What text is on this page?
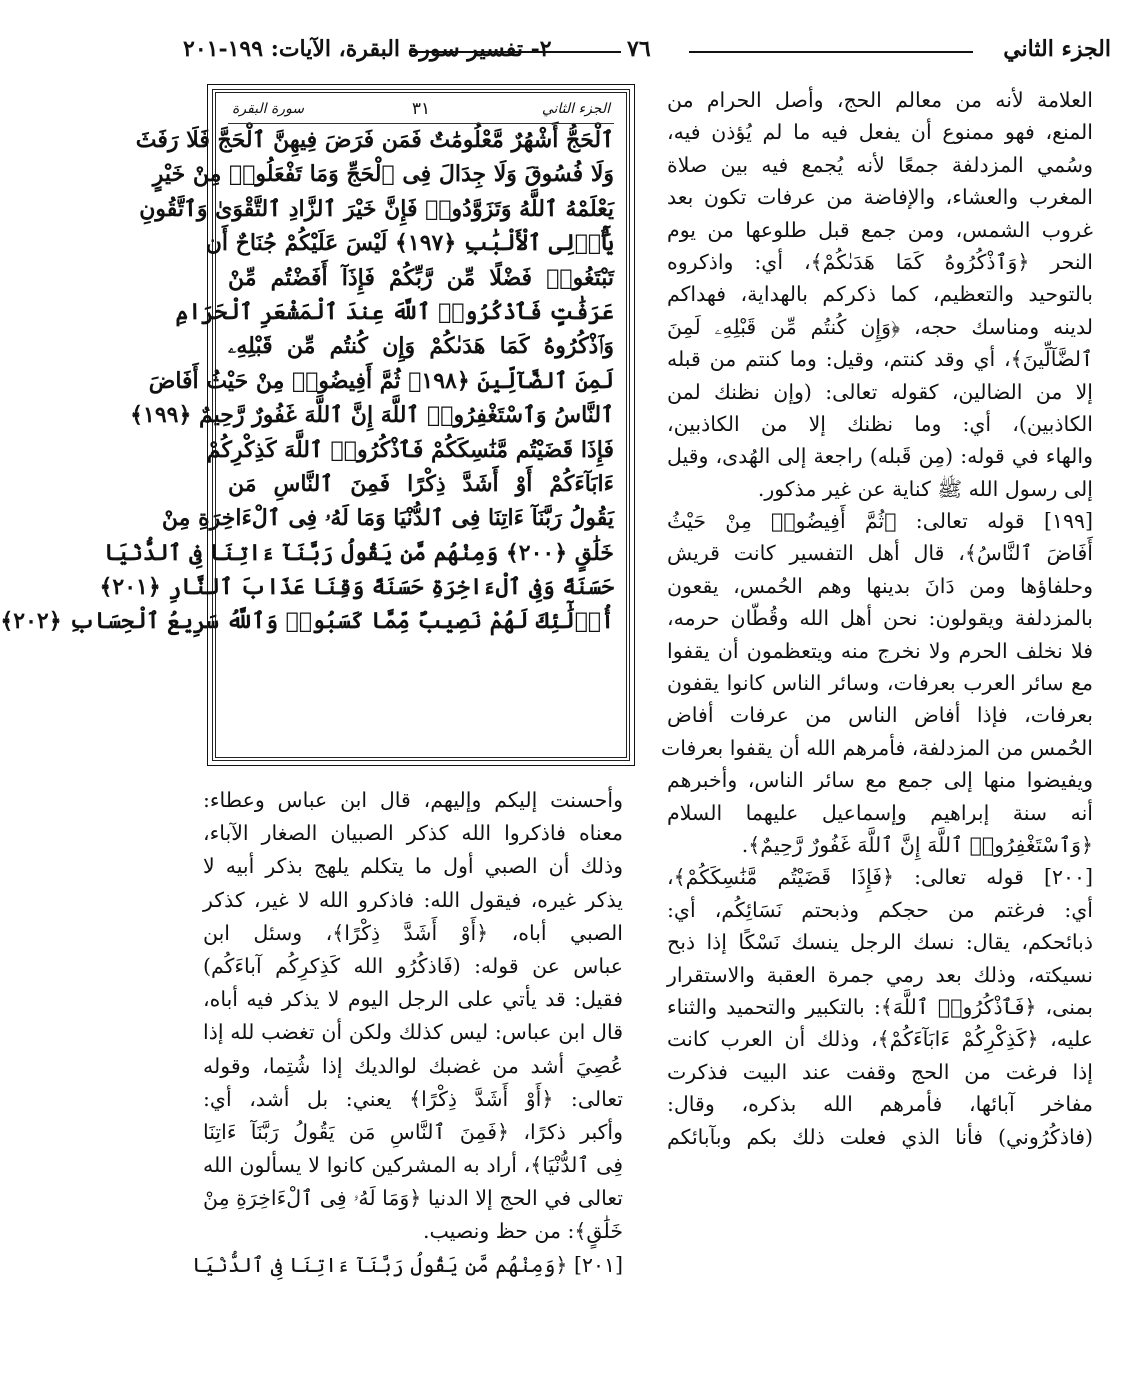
الجزء الثاني
٧٦
٢- تفسير سورة البقرة، الآيات: ١٩٩-٢٠١
العلامة لأنه من معالم الحج، وأصل الحرام من
المنع، فهو ممنوع أن يفعل فيه ما لم يُؤذن فيه،
وسُمي المزدلفة جمعًا لأنه يُجمع فيه بين صلاة
المغرب والعشاء، والإفاضة من عرفات تكون بعد
غروب الشمس، ومن جمع قبل طلوعها من يوم
النحر ﴿وَٱذْكُرُوهُ كَمَا هَدَىٰكُمْ﴾، أي: واذكروه
بالتوحيد والتعظيم، كما ذكركم بالهداية، فهداكم
لدينه ومناسك حجه، ﴿وَإِن كُنتُم مِّن قَبْلِهِۦ لَمِنَ
ٱلضَّآلِّينَ﴾، أي وقد كنتم، وقيل: وما كنتم من قبله
إلا من الضالين، كقوله تعالى: (وإن نظنك لمن
الكاذبين)، أي: وما نظنك إلا من الكاذبين،
والهاء في قوله: (مِن قَبله) راجعة إلى الهُدى، وقيل
إلى رسول الله ﷺ كناية عن غير مذكور.
[١٩٩] قوله تعالى: ﴿ثُمَّ أَفِيضُوا۟ مِنْ حَيْثُ
أَفَاضَ ٱلنَّاسُ﴾، قال أهل التفسير كانت قريش
وحلفاؤها ومن دَانَ بدينها وهم الحُمس، يقعون
بالمزدلفة ويقولون: نحن أهل الله وقُطّان حرمه،
فلا نخلف الحرم ولا نخرج منه ويتعظمون أن يقفوا
مع سائر العرب بعرفات، وسائر الناس كانوا يقفون
بعرفات، فإذا أفاض الناس من عرفات أفاض
الحُمس من المزدلفة، فأمرهم الله أن يقفوا بعرفات
ويفيضوا منها إلى جمع مع سائر الناس، وأخبرهم
أنه سنة إبراهيم وإسماعيل عليهما السلام
﴿وَٱسْتَغْفِرُوا۟ ٱللَّهَ إِنَّ ٱللَّهَ غَفُورٌ رَّحِيمٌ﴾.
[٢٠٠] قوله تعالى: ﴿فَإِذَا قَضَيْتُم مَّنَٰسِكَكُمْ﴾،
أي: فرغتم من حجكم وذبحتم نَسَائِكُم، أي:
ذبائحكم، يقال: نسك الرجل ينسك نَسْكًا إذا ذبح
نسيكته، وذلك بعد رمي جمرة العقبة والاستقرار
بمنى، ﴿فَٱذْكُرُوا۟ ٱللَّهَ﴾: بالتكبير والتحميد والثناء
عليه، ﴿كَذِكْرِكُمْ ءَابَآءَكُمْ﴾، وذلك أن العرب كانت
إذا فرغت من الحج وقفت عند البيت فذكرت
مفاخر آبائها، فأمرهم الله بذكره، وقال:
(فاذكُرُوني) فأنا الذي فعلت ذلك بكم وبآبائكم
الجزء الثاني
٣١
سورة البقرة
ٱلْحَجُّ أَشْهُرٌ مَّعْلُومَٰتٌ فَمَن فَرَضَ فِيهِنَّ ٱلْحَجَّ فَلَا رَفَثَ
وَلَا فُسُوقَ وَلَا جِدَالَ فِى ٱلْحَجِّ وَمَا تَفْعَلُوا۟ مِنْ خَيْرٍ
يَعْلَمْهُ ٱللَّهُ وَتَزَوَّدُوا۟ فَإِنَّ خَيْرَ ٱلزَّادِ ٱلتَّقْوَىٰ وَٱتَّقُونِ
يَٰٓأُو۟لِى ٱلْأَلْبَٰبِ ﴿١٩٧﴾ لَيْسَ عَلَيْكُمْ جُنَاحٌ أَن
تَبْتَغُوا۟ فَضْلًا مِّن رَّبِّكُمْ فَإِذَآ أَفَضْتُم مِّنْ
عَرَفَٰتٍ فَٱذْكُرُوا۟ ٱللَّهَ عِندَ ٱلْمَشْعَرِ ٱلْحَرَامِ
وَٱذْكُرُوهُ كَمَا هَدَىٰكُمْ وَإِن كُنتُم مِّن قَبْلِهِۦ
لَمِنَ ٱلضَّآلِّينَ ﴿١٩٨﴾ ثُمَّ أَفِيضُوا۟ مِنْ حَيْثُ أَفَاضَ
ٱلنَّاسُ وَٱسْتَغْفِرُوا۟ ٱللَّهَ إِنَّ ٱللَّهَ غَفُورٌ رَّحِيمٌ ﴿١٩٩﴾
فَإِذَا قَضَيْتُم مَّنَٰسِكَكُمْ فَٱذْكُرُوا۟ ٱللَّهَ كَذِكْرِكُمْ
ءَابَآءَكُمْ أَوْ أَشَدَّ ذِكْرًا فَمِنَ ٱلنَّاسِ مَن
يَقُولُ رَبَّنَآ ءَاتِنَا فِى ٱلدُّنْيَا وَمَا لَهُۥ فِى ٱلْءَاخِرَةِ مِنْ
خَلَٰقٍ ﴿٢٠٠﴾ وَمِنْهُم مَّن يَقُولُ رَبَّنَآ ءَاتِنَا فِى ٱلدُّنْيَا
حَسَنَةً وَفِى ٱلْءَاخِرَةِ حَسَنَةً وَقِنَا عَذَابَ ٱلنَّارِ ﴿٢٠١﴾
أُو۟لَٰٓئِكَ لَهُمْ نَصِيبٌ مِّمَّا كَسَبُوا۟ وَٱللَّهُ سَرِيعُ ٱلْحِسَابِ ﴿٢٠٢﴾
وأحسنت إليكم وإليهم، قال ابن عباس وعطاء:
معناه فاذكروا الله كذكر الصبيان الصغار الآباء،
وذلك أن الصبي أول ما يتكلم يلهج بذكر أبيه لا
يذكر غيره، فيقول الله: فاذكرو الله لا غير، كذكر
الصبي أباه، ﴿أَوْ أَشَدَّ ذِكْرًا﴾، وسئل ابن
عباس عن قوله: (فَاذكُرُو الله كَذِكرِكُم آباءَكُم)
فقيل: قد يأتي على الرجل اليوم لا يذكر فيه أباه،
قال ابن عباس: ليس كذلك ولكن أن تغضب لله إذا
عُصِيَ أشد من غضبك لوالديك إذا شُتِما، وقوله
تعالى: ﴿أَوْ أَشَدَّ ذِكْرًا﴾ يعني: بل أشد، أي:
وأكبر ذكرًا، ﴿فَمِنَ ٱلنَّاسِ مَن يَقُولُ رَبَّنَآ ءَاتِنَا
فِى ٱلدُّنْيَا﴾، أراد به المشركين كانوا لا يسألون الله
تعالى في الحج إلا الدنيا ﴿وَمَا لَهُۥ فِى ٱلْءَاخِرَةِ مِنْ
خَلَٰقٍ﴾: من حظ ونصيب.
[٢٠١] ﴿وَمِنْهُم مَّن يَقُولُ رَبَّنَآ ءَاتِنَا فِى ٱلدُّنْيَا
